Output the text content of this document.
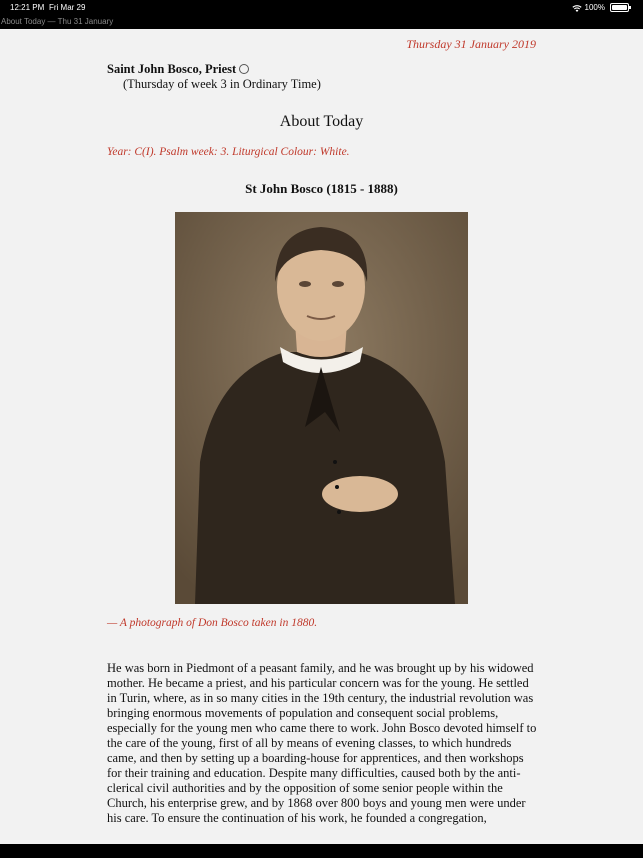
12:21 PM Fri Mar 29	100%
About Today — Thu 31 January
Thursday 31 January 2019
Saint John Bosco, Priest
(Thursday of week 3 in Ordinary Time)
About Today
Year: C(I). Psalm week: 3. Liturgical Colour: White.
St John Bosco (1815 - 1888)
— A photograph of Don Bosco taken in 1880.
He was born in Piedmont of a peasant family, and he was brought up by his widowed mother. He became a priest, and his particular concern was for the young. He settled in Turin, where, as in so many cities in the 19th century, the industrial revolution was bringing enormous movements of population and consequent social problems, especially for the young men who came there to work. John Bosco devoted himself to the care of the young, first of all by means of evening classes, to which hundreds came, and then by setting up a boarding-house for apprentices, and then workshops for their training and education. Despite many difficulties, caused both by the anti-clerical civil authorities and by the opposition of some senior people within the Church, his enterprise grew, and by 1868 over 800 boys and young men were under his care. To ensure the continuation of his work, he founded a congregation,
